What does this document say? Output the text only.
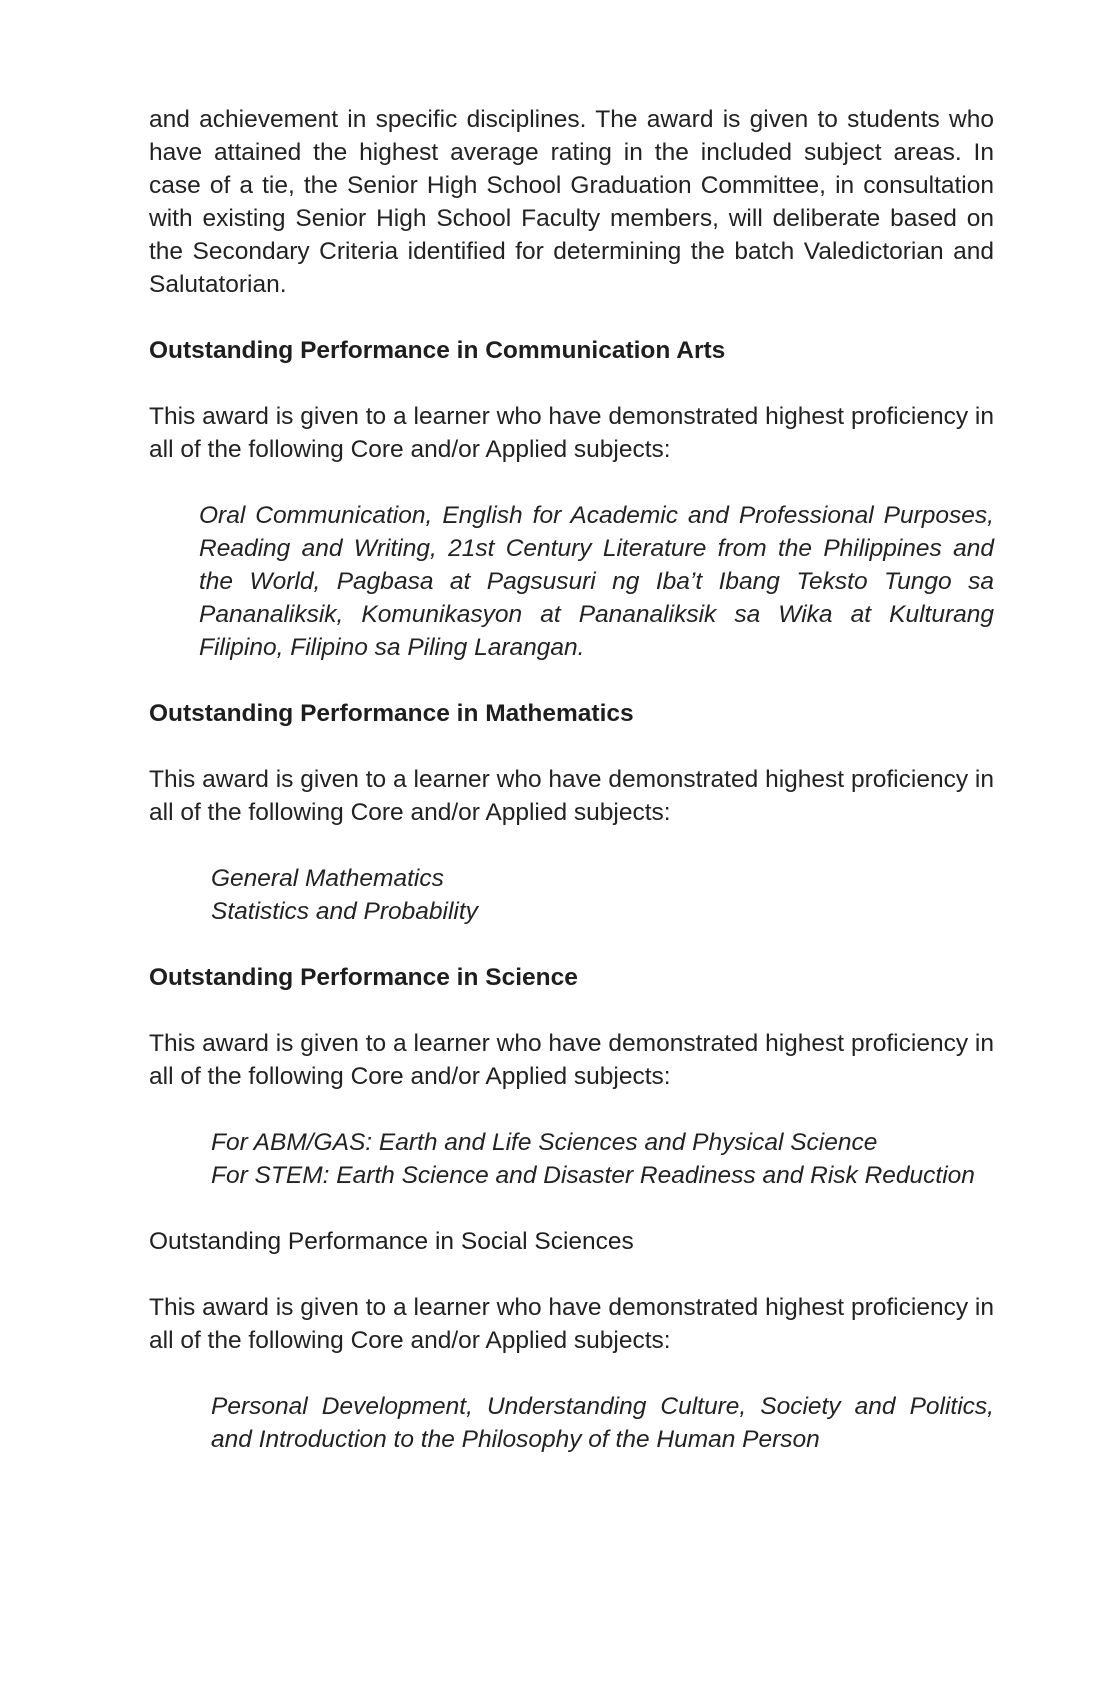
and achievement in specific disciplines. The award is given to students who have attained the highest average rating in the included subject areas. In case of a tie, the Senior High School Graduation Committee, in consultation with existing Senior High School Faculty members, will deliberate based on the Secondary Criteria identified for determining the batch Valedictorian and Salutatorian.

Outstanding Performance in Communication Arts

This award is given to a learner who have demonstrated highest proficiency in all of the following Core and/or Applied subjects:

Oral Communication, English for Academic and Professional Purposes, Reading and Writing, 21st Century Literature from the Philippines and the World, Pagbasa at Pagsusuri ng Iba’t Ibang Teksto Tungo sa Pananaliksik, Komunikasyon at Pananaliksik sa Wika at Kulturang Filipino, Filipino sa Piling Larangan.

Outstanding Performance in Mathematics

This award is given to a learner who have demonstrated highest proficiency in all of the following Core and/or Applied subjects:

General Mathematics
Statistics and Probability

Outstanding Performance in Science

This award is given to a learner who have demonstrated highest proficiency in all of the following Core and/or Applied subjects:

For ABM/GAS: Earth and Life Sciences and Physical Science
For STEM: Earth Science and Disaster Readiness and Risk Reduction

Outstanding Performance in Social Sciences

This award is given to a learner who have demonstrated highest proficiency in all of the following Core and/or Applied subjects:

Personal Development, Understanding Culture, Society and Politics, and Introduction to the Philosophy of the Human Person
